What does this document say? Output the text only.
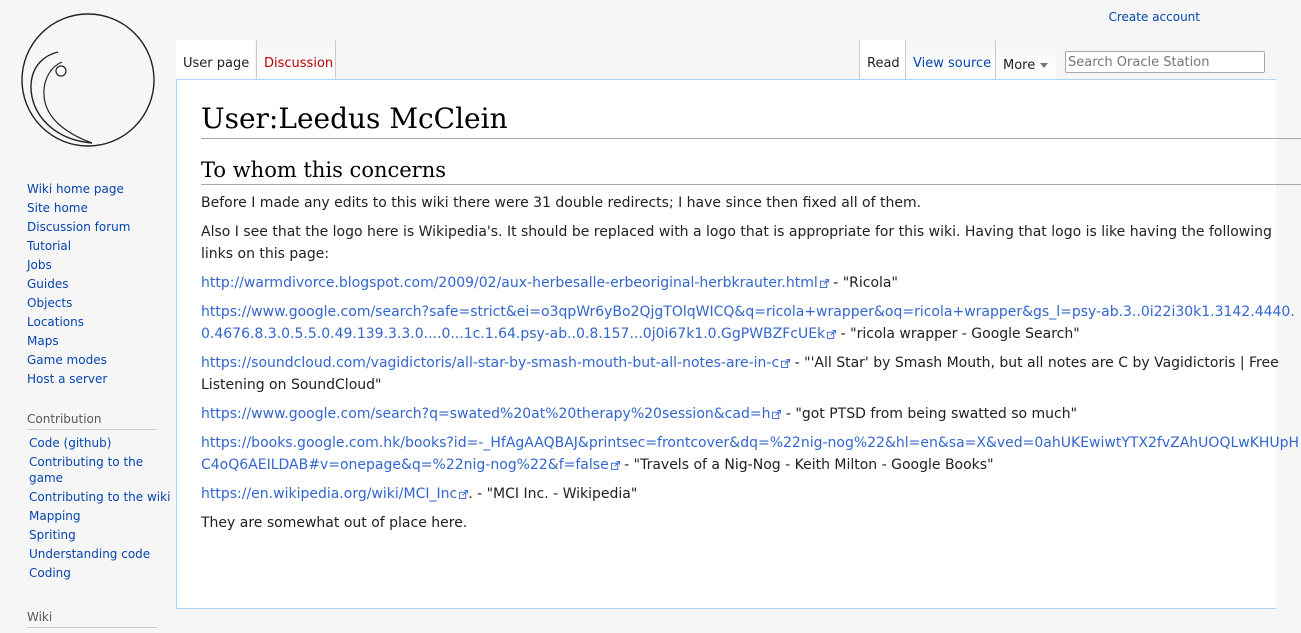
Create account
User page	Discussion	Read	View source More
Search Oracle Station
Wiki home page
Site home
Discussion forum
Tutorial
Jobs
Guides
Objects
Locations
Maps
Game modes
Host a server
Contribution
Code (github)
Contributing to the game
Contributing to the wiki
Mapping
Spriting
Understanding code
Coding
Wiki
User:Leedus McClein
To whom this concerns

Before I made any edits to this wiki there were 31 double redirects; I have since then fixed all of them.

Also I see that the logo here is Wikipedia's. It should be replaced with a logo that is appropriate for this wiki. Having that logo is like having the following links on this page:

http://warmdivorce.blogspot.com/2009/02/aux-herbesalle-erbeoriginal-herbkrauter.html - "Ricola"

https://www.google.com/search?safe=strict&ei=o3qpWr6yBo2QjgTOlqWICQ&q=ricola+wrapper&oq=ricola+wrapper&gs_l=psy-ab.3..0i22i30k1.3142.4440.0.4676.8.3.0.5.5.0.49.139.3.3.0....0...1c.1.64.psy-ab..0.8.157...0j0i67k1.0.GgPWBZFcUEk - "ricola wrapper - Google Search"

https://soundcloud.com/vagidictoris/all-star-by-smash-mouth-but-all-notes-are-in-c - "'All Star' by Smash Mouth, but all notes are C by Vagidictoris | Free Listening on SoundCloud"

https://www.google.com/search?q=swated%20at%20therapy%20session&cad=h - "got PTSD from being swatted so much"

https://books.google.com.hk/books?id=-_HfAgAAQBAJ&printsec=frontcover&dq=%22nig-nog%22&hl=en&sa=X&ved=0ahUKEwiwtYTX2fvZAhUOQLwKHUpHC4oQ6AEILDAB#v=onepage&q=%22nig-nog%22&f=false - "Travels of a Nig-Nog - Keith Milton - Google Books"

https://en.wikipedia.org/wiki/MCI_Inc . - "MCI Inc. - Wikipedia"

They are somewhat out of place here.
